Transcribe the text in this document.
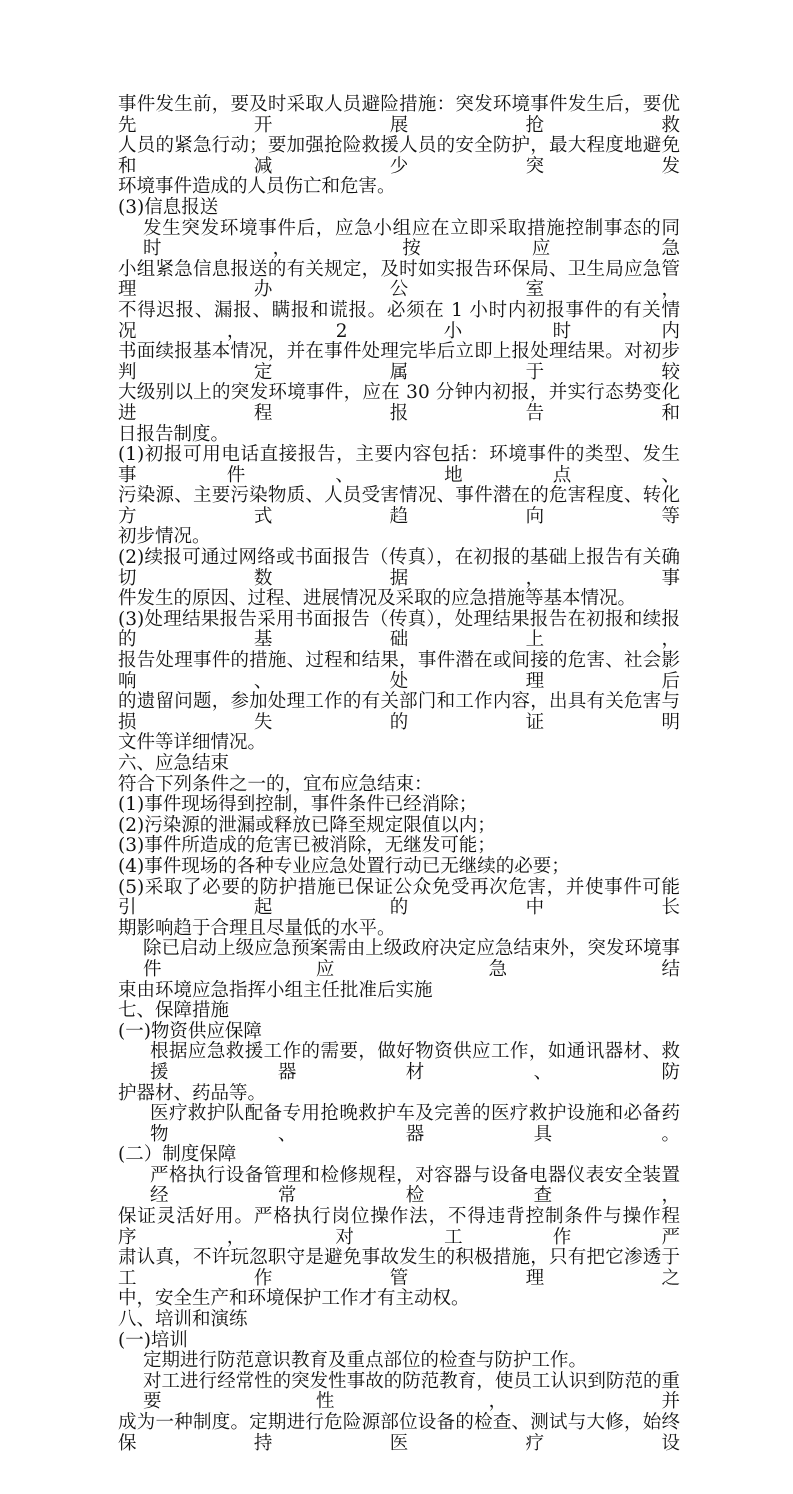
事件发生前，要及时采取人员避险措施：突发环境事件发生后，要优先开展抢救
人员的紧急行动；要加强抢险救援人员的安全防护，最大程度地避免和减少突发
环境事件造成的人员伤亡和危害。
(3)信息报送
发生突发环境事件后，应急小组应在立即采取措施控制事态的同时，按应急
小组紧急信息报送的有关规定，及时如实报告环保局、卫生局应急管理办公室，
不得迟报、漏报、瞒报和谎报。必须在 1 小时内初报事件的有关情况，2 小时内
书面续报基本情况，并在事件处理完毕后立即上报处理结果。对初步判定属于较
大级别以上的突发环境事件，应在 30 分钟内初报，并实行态势变化进程报告和
日报告制度。
(1)初报可用电话直接报告，主要内容包括：环境事件的类型、发生事件、地点、
污染源、主要污染物质、人员受害情况、事件潜在的危害程度、转化方式趋向等
初步情况。
(2)续报可通过网络或书面报告（传真），在初报的基础上报告有关确切数据，事
件发生的原因、过程、进展情况及采取的应急措施等基本情况。
(3)处理结果报告采用书面报告（传真），处理结果报告在初报和续报的基础上，
报告处理事件的措施、过程和结果，事件潜在或间接的危害、社会影响、处理后
的遗留问题，参加处理工作的有关部门和工作内容，出具有关危害与损失的证明
文件等详细情况。
六、应急结束
符合下列条件之一的，宜布应急结束：
(1)事件现场得到控制，事件条件已经消除；
(2)污染源的泄漏或释放已降至规定限值以内；
(3)事件所造成的危害已被消除，无继发可能；
(4)事件现场的各种专业应急处置行动已无继续的必要；
(5)采取了必要的防护措施已保证公众免受再次危害，并使事件可能引起的中长
期影响趋于合理且尽量低的水平。
除已启动上级应急预案需由上级政府决定应急结束外，突发环境事件应急结
束由环境应急指挥小组主任批准后实施
七、保障措施
(一)物资供应保障
根据应急救援工作的需要，做好物资供应工作，如通讯器材、救援器材、防
护器材、药品等。
医疗救护队配备专用抢晚救护车及完善的医疗救护设施和必备药物、器具。
(二）制度保障
严格执行设备管理和检修规程，对容器与设备电器仪表安全装置经常检查，
保证灵活好用。严格执行岗位操作法，不得违背控制条件与操作程序，对工作严
肃认真，不许玩忽职守是避免事故发生的积极措施，只有把它渗透于工作管理之
中，安全生产和环境保护工作才有主动权。
八、培训和演练
(一)培训
定期进行防范意识教育及重点部位的检查与防护工作。
对工进行经常性的突发性事故的防范教育，使员工认识到防范的重要性，并
成为一种制度。定期进行危险源部位设备的检查、测试与大修，始终保持医疗设
